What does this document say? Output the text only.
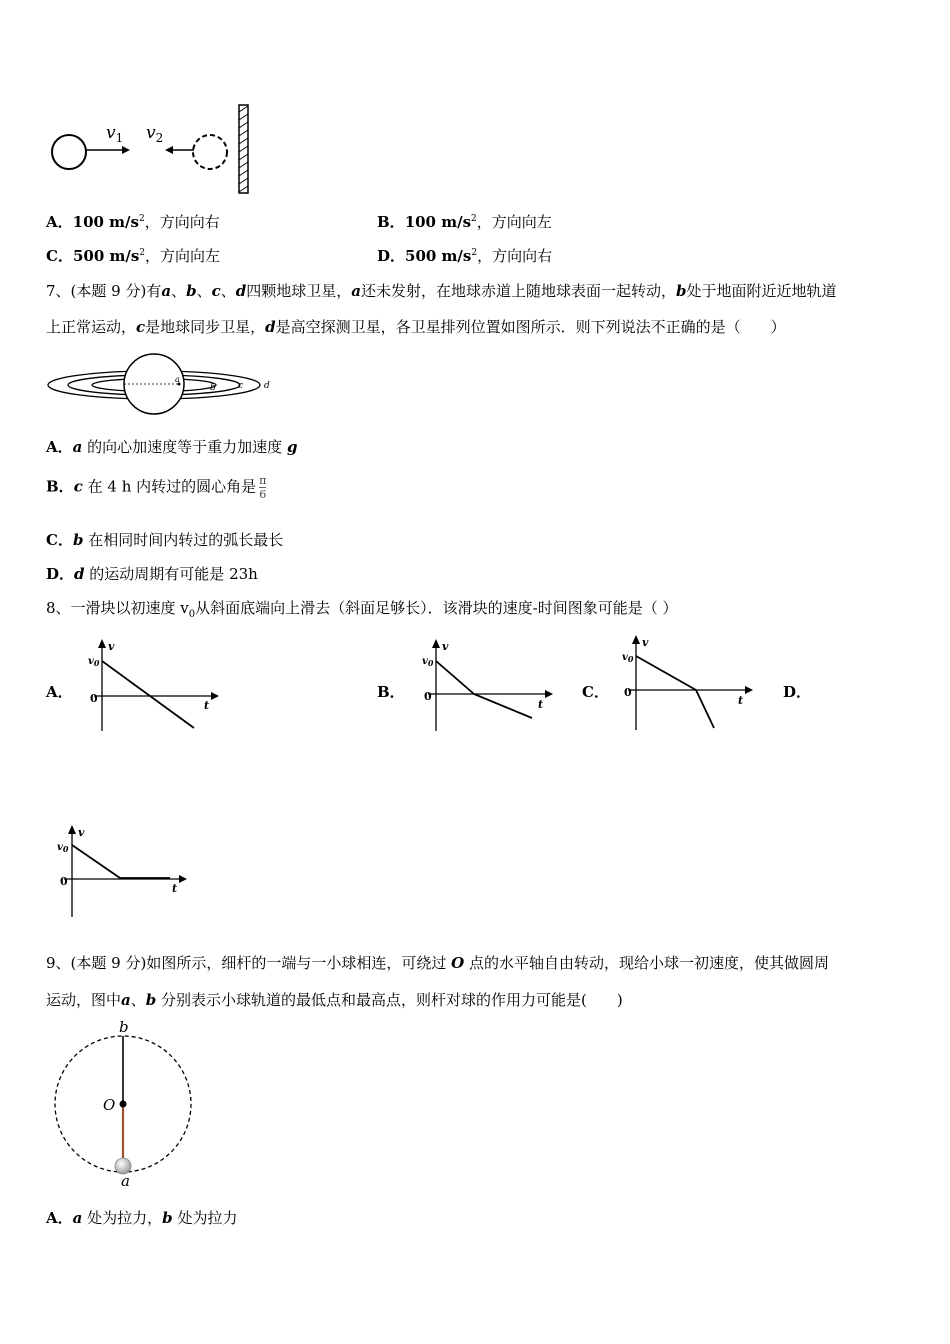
$v_1$ $v_2$
A．100 $m/s^2$，方向向右	B．100 $m/s^2$，方向向左
C．500 $m/s^2$，方向向左	D．500 $m/s^2$，方向向右
7、(本题 9 分)有a、b、c、d四颗地球卫星，a还未发射，在地球赤道上随地球表面一起转动，b处于地面附近近地轨道
上正常运动，c是地球同步卫星，d是高空探测卫星，各卫星排列位置如图所示．则下列说法不正确的是（　　）
a
b c d
A．a 的向心加速度等于重力加速度 g
B．c 在 4 h 内转过的圆心角是 $\frac{\pi}{6}$
C．b 在相同时间内转过的弧长最长
D．d 的运动周期有可能是 23h
8、一滑块以初速度 $v_0$从斜面底端向上滑去（斜面足够长）．该滑块的速度-时间图象可能是（ ）
A．	B．	C．	D．
v
t
$v_0$
0
v
t
$v_0$
0
v
t
$v_0$
0
v
t
$v_0$
0
9、(本题 9 分)如图所示，细杆的一端与一小球相连，可绕过 O 点的水平轴自由转动，现给小球一初速度，使其做圆周
运动，图中a、b 分别表示小球轨道的最低点和最高点，则杆对球的作用力可能是(　　)
b
O
a
A．a 处为拉力，b 处为拉力
